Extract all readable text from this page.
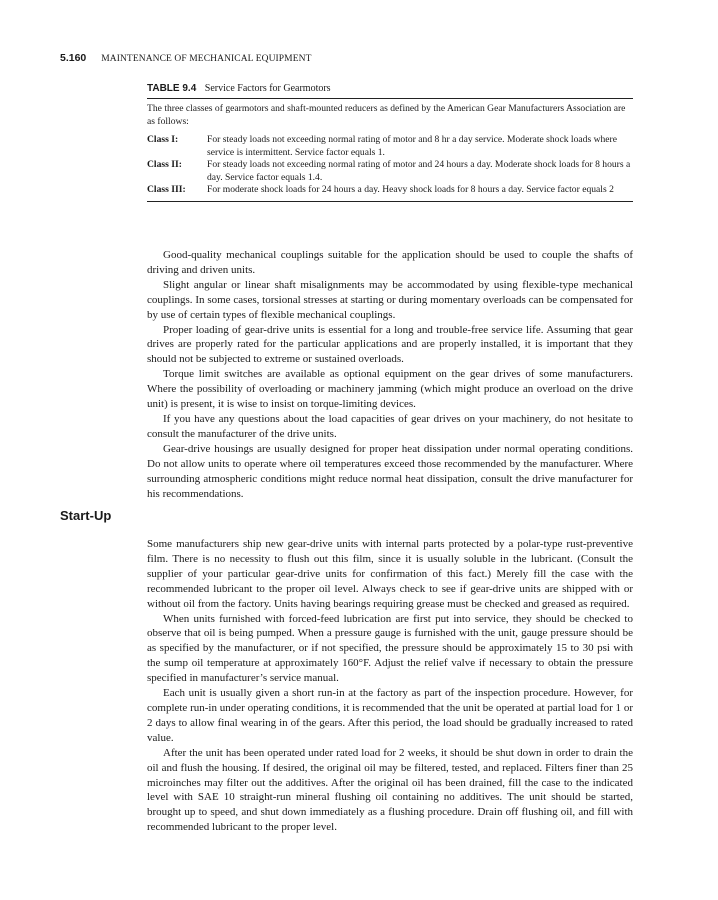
5.160 MAINTENANCE OF MECHANICAL EQUIPMENT
TABLE 9.4 Service Factors for Gearmotors
The three classes of gearmotors and shaft-mounted reducers as defined by the American Gear Manufacturers Association are as follows:
Class I:	For steady loads not exceeding normal rating of motor and 8 hr a day service. Moderate shock loads where service is intermittent. Service factor equals 1.
Class II:	For steady loads not exceeding normal rating of motor and 24 hours a day. Moderate shock loads for 8 hours a day. Service factor equals 1.4.
Class III:	For moderate shock loads for 24 hours a day. Heavy shock loads for 8 hours a day. Service factor equals 2

Good-quality mechanical couplings suitable for the application should be used to couple the shafts of driving and driven units.

Slight angular or linear shaft misalignments may be accommodated by using flexible-type mechanical couplings. In some cases, torsional stresses at starting or during momentary overloads can be compensated for by use of certain types of flexible mechanical couplings.

Proper loading of gear-drive units is essential for a long and trouble-free service life. Assuming that gear drives are properly rated for the particular applications and are properly installed, it is important that they should not be subjected to extreme or sustained overloads.

Torque limit switches are available as optional equipment on the gear drives of some manufacturers. Where the possibility of overloading or machinery jamming (which might produce an overload on the drive unit) is present, it is wise to insist on torque-limiting devices.

If you have any questions about the load capacities of gear drives on your machinery, do not hesitate to consult the manufacturer of the drive units.

Gear-drive housings are usually designed for proper heat dissipation under normal operating conditions. Do not allow units to operate where oil temperatures exceed those recommended by the manufacturer. Where surrounding atmospheric conditions might reduce normal heat dissipation, consult the drive manufacturer for his recommendations.

Start-Up

Some manufacturers ship new gear-drive units with internal parts protected by a polar-type rust-preventive film. There is no necessity to flush out this film, since it is usually soluble in the lubricant. (Consult the supplier of your particular gear-drive units for confirmation of this fact.) Merely fill the case with the recommended lubricant to the proper oil level. Always check to see if gear-drive units are shipped with or without oil from the factory. Units having bearings requiring grease must be checked and greased as required.

When units furnished with forced-feed lubrication are first put into service, they should be checked to observe that oil is being pumped. When a pressure gauge is furnished with the unit, gauge pressure should be as specified by the manufacturer, or if not specified, the pressure should be approximately 15 to 30 psi with the sump oil temperature at approximately 160°F. Adjust the relief valve if necessary to obtain the pressure specified in manufacturer’s service manual.

Each unit is usually given a short run-in at the factory as part of the inspection procedure. However, for complete run-in under operating conditions, it is recommended that the unit be operated at partial load for 1 or 2 days to allow final wearing in of the gears. After this period, the load should be gradually increased to rated value.

After the unit has been operated under rated load for 2 weeks, it should be shut down in order to drain the oil and flush the housing. If desired, the original oil may be filtered, tested, and replaced. Filters finer than 25 microinches may filter out the additives. After the original oil has been drained, fill the case to the indicated level with SAE 10 straight-run mineral flushing oil containing no additives. The unit should be started, brought up to speed, and shut down immediately as a flushing procedure. Drain off flushing oil, and fill with recommended lubricant to the proper level.
